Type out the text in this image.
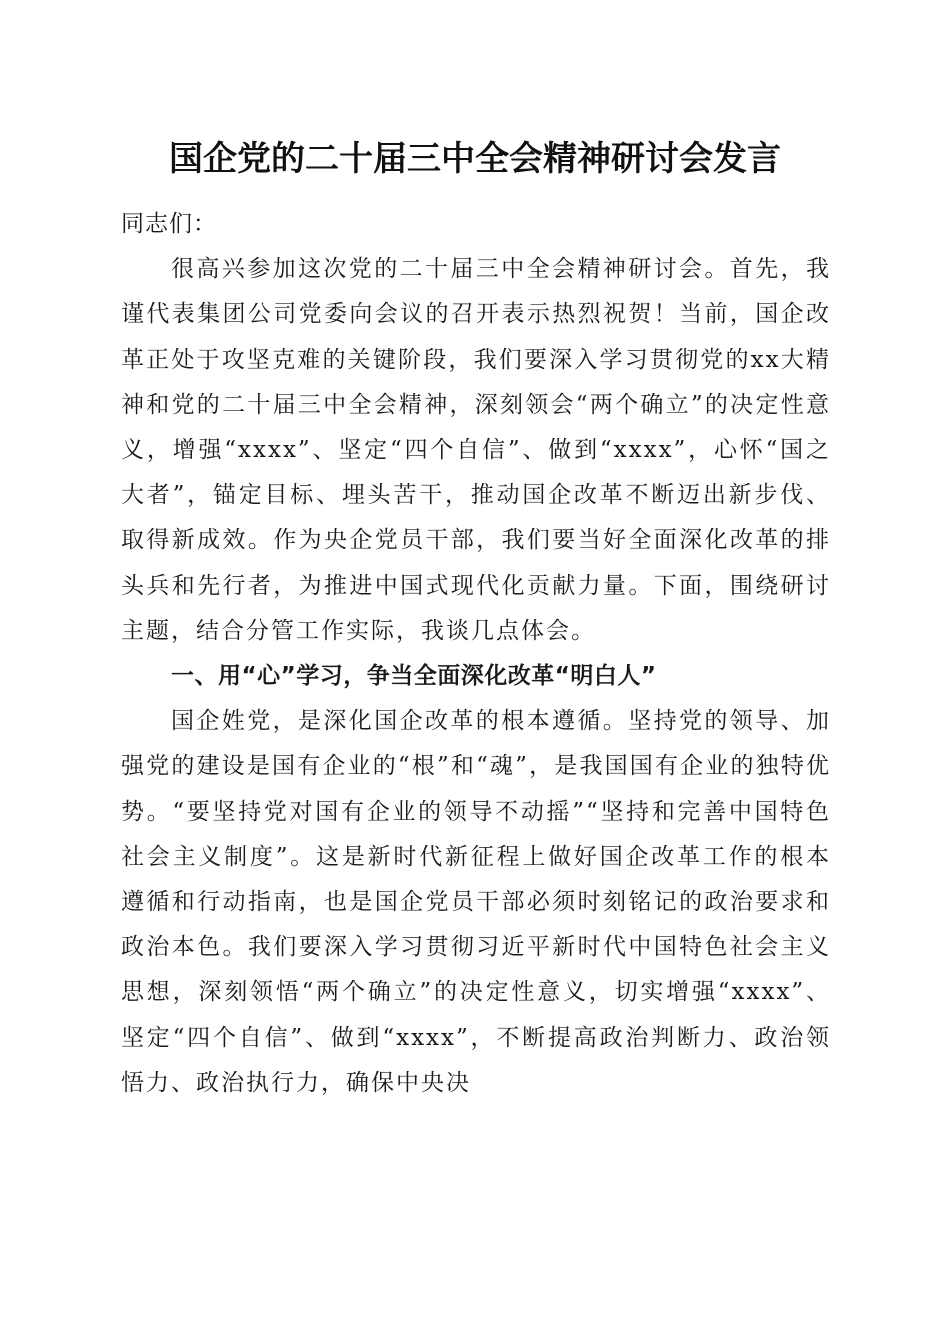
国企党的二十届三中全会精神研讨会发言

同志们：

很高兴参加这次党的二十届三中全会精神研讨会。首先，我谨代表集团公司党委向会议的召开表示热烈祝贺！当前，国企改革正处于攻坚克难的关键阶段，我们要深入学习贯彻党的xx大精神和党的二十届三中全会精神，深刻领会“两个确立”的决定性意义，增强“xxxx”、坚定“四个自信”、做到“xxxx”，心怀“国之大者”，锚定目标、埋头苦干，推动国企改革不断迈出新步伐、取得新成效。作为央企党员干部，我们要当好全面深化改革的排头兵和先行者，为推进中国式现代化贡献力量。下面，围绕研讨主题，结合分管工作实际，我谈几点体会。

一、用“心”学习，争当全面深化改革“明白人”

国企姓党，是深化国企改革的根本遵循。坚持党的领导、加强党的建设是国有企业的“根”和“魂”，是我国国有企业的独特优势。“要坚持党对国有企业的领导不动摇”“坚持和完善中国特色社会主义制度”。这是新时代新征程上做好国企改革工作的根本遵循和行动指南，也是国企党员干部必须时刻铭记的政治要求和政治本色。我们要深入学习贯彻习近平新时代中国特色社会主义思想，深刻领悟“两个确立”的决定性意义，切实增强“xxxx”、坚定“四个自信”、做到“xxxx”，不断提高政治判断力、政治领悟力、政治执行力，确保中央决
